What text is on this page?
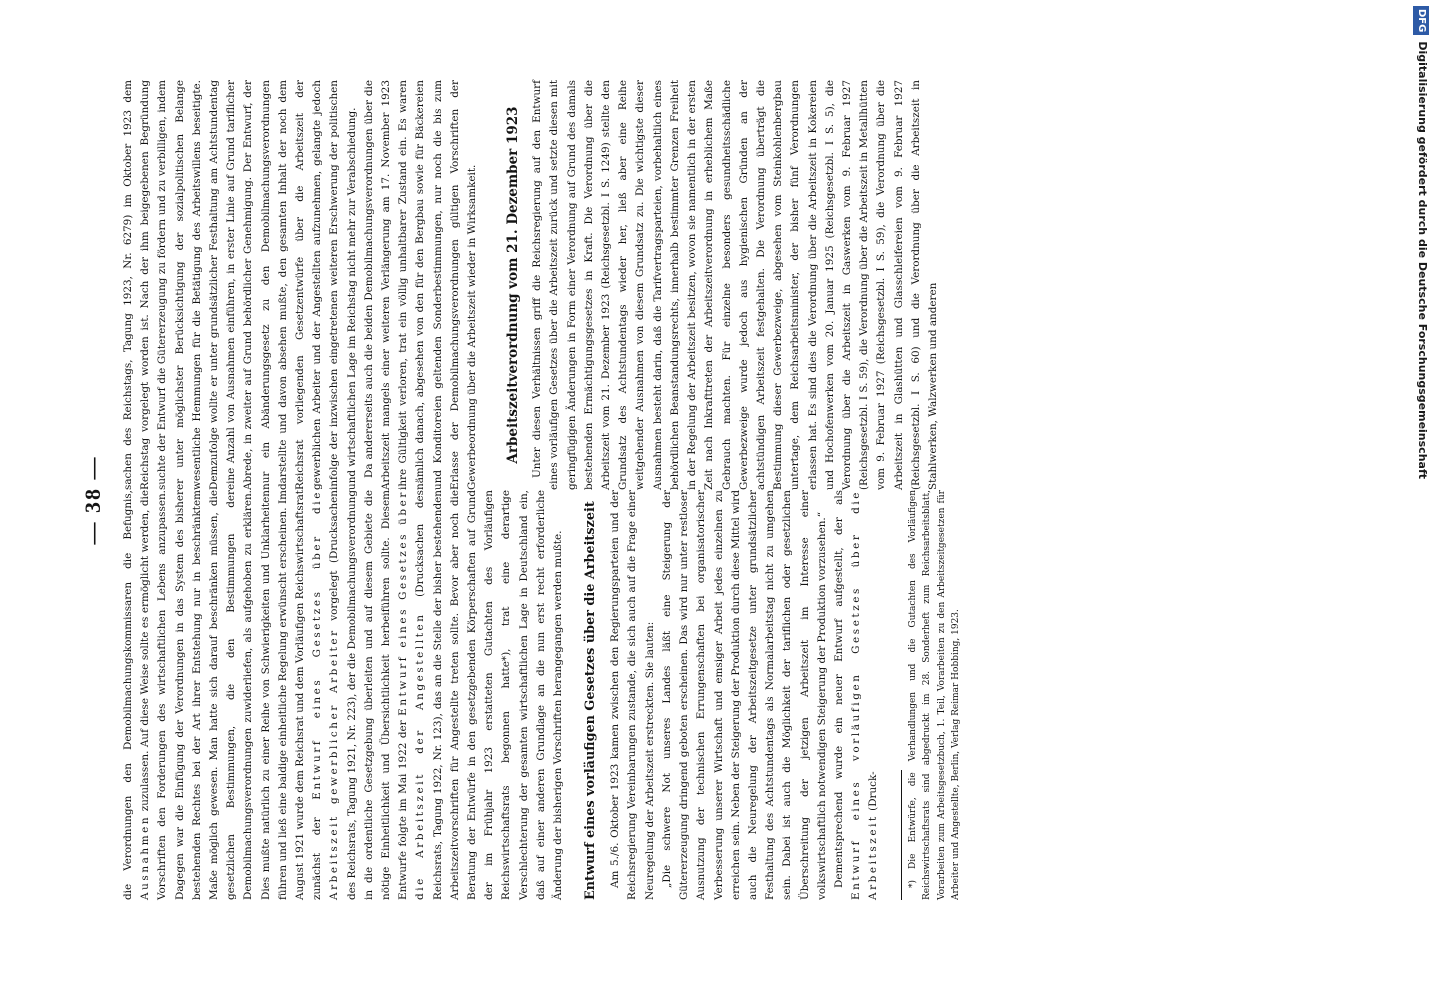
— 38 — die Verordnungen den Demobilmachungskommissaren die Befugnis, Ausnahmen zuzulassen. Auf diese Weise sollte es ermöglicht werden, die Vorschriften den Forderungen des wirtschaftlichen Lebens anzupassen. Dagegen war die Einfügung der Verordnungen in das System des bisher bestehenden Rechtes bei der Art ihrer Entstehung nur in beschränktem Maße möglich gewesen. Man hatte sich darauf beschränken müssen, die gesetzlichen Bestimmungen, die den Bestimmungen der Demobilmachungsverordnungen zuwiderliefen, als aufgehoben zu erklären. Dies mußte natürlich zu einer Reihe von Schwierigkeiten und Unklarheiten führen und ließ eine baldige einheitliche Regelung erwünscht erscheinen. Im August 1921 wurde dem Reichsrat und dem Vorläufigen Reichswirtschaftsrat zunächst der Entwurf eines Gesetzes über die Arbeitszeit gewerblicher Arbeiter vorgelegt (Drucksachen des Reichsrats, Tagung 1921, Nr. 223), der die Demobilmachungsverordnung in die ordentliche Gesetzgebung überleiten und auf diesem Gebiete die nötige Einheitlichkeit und Übersichtlichkeit herbeiführen sollte. Diesem Entwurfe folgte im Mai 1922 der Entwurf eines Gesetzes über die Arbeitszeit der Angestellten (Drucksachen des Reichsrats, Tagung 1922, Nr. 123), das an die Stelle der bisher bestehenden Arbeitszeitvorschriften für Angestellte treten sollte. Bevor aber noch die Beratung der Entwürfe in den gesetzgebenden Körperschaften auf Grund der im Frühjahr 1923 erstatteten Gutachten des Vorläufigen Reichswirtschaftsrats begonnen hatte*), trat eine derartige Verschlechterung der gesamten wirtschaftlichen Lage in Deutschland ein, daß auf einer anderen Grundlage an die nun erst recht erforderliche Änderung der bisherigen Vorschriften herangegangen werden mußte. Entwurf eines vorläufigen Gesetzes über die Arbeitszeit Am 5./6. Oktober 1923 kamen zwischen den Regierungsparteien und der Reichsregierung Vereinbarungen zustande, die sich auch auf die Frage einer Neuregelung der Arbeitszeit erstreckten. Sie lauten: „Die schwere Not unseres Landes läßt eine Steigerung der Gütererzeugung dringend geboten erscheinen. Das wird nur unter restloser Ausnutzung der technischen Errungenschaften bei organisatorischer Verbesserung unserer Wirtschaft und emsiger Arbeit jedes einzelnen zu erreichen sein. Neben der Steigerung der Produktion durch diese Mittel wird auch die Neuregelung der Arbeitszeitgesetze unter grundsätzlicher Festhaltung des Achtstundentags als Normalarbeitstag nicht zu umgehen sein. Dabei ist auch die Möglichkeit der tariflichen oder gesetzlichen Überschreitung der jetzigen Arbeitszeit im Interesse einer volkswirtschaftlich notwendigen Steigerung der Produktion vorzusehen.“ Dementsprechend wurde ein neuer Entwurf aufgestellt, der als Entwurf eines vorläufigen Gesetzes über die Arbeitszeit (Druck-	*) Die Entwürfe, die Verhandlungen und die Gutachten des Vorläufigen Reichswirtschaftsrats sind abgedruckt im 28. Sonderheft zum Reichsarbeitsblatt, Vorarbeiten zum Arbeitsgesetzbuch, 1. Teil, Vorarbeiten zu den Arbeitszeitgesetzen für Arbeiter und Angestellte, Berlin, Verlag Reimar Hobbing, 1923.

sachen des Reichstags, Tagung 1923, Nr. 6279) im Oktober 1923 dem Reichstag vorgelegt worden ist. Nach der ihm beigegebenen Begründung suchte der Entwurf die Gütererzeugung zu fördern und zu verbilligen, indem er unter möglichster Berücksichtigung der sozialpolitischen Belange wesentliche Hemmungen für die Betätigung des Arbeitswillens beseitigte. Demzufolge wollte er unter grundsätzlicher Festhaltung am Achtstundentag eine Anzahl von Ausnahmen einführen, in erster Linie auf Grund tariflicher Abrede, in zweiter auf Grund behördlicher Genehmigung. Der Entwurf, der nur ein Abänderungsgesetz zu den Demobilmachungsverordnungen darstellte und davon absehen mußte, den gesamten Inhalt der noch dem Reichsrat vorliegenden Gesetzentwürfe über die Arbeitszeit der gewerblichen Arbeiter und der Angestellten aufzunehmen, gelangte jedoch infolge der inzwischen eingetretenen weiteren Erschwerung der politischen und wirtschaftlichen Lage im Reichstag nicht mehr zur Verabschiedung. Da andererseits auch die beiden Demobilmachungsverordnungen über die Arbeitszeit mangels einer weiteren Verlängerung am 17. November 1923 ihre Gültigkeit verloren, trat ein völlig unhaltbarer Zustand ein. Es waren nämlich danach, abgesehen von den für den Bergbau sowie für Bäckereien und Konditoreien geltenden Sonderbestimmungen, nur noch die bis zum Erlasse der Demobilmachungsverordnungen gültigen Vorschriften der Gewerbeordnung über die Arbeitszeit wieder in Wirksamkeit. Arbeitszeitverordnung vom 21. Dezember 1923 Unter diesen Verhältnissen griff die Reichsregierung auf den Entwurf eines vorläufigen Gesetzes über die Arbeitszeit zurück und setzte diesen mit geringfügigen Änderungen in Form einer Verordnung auf Grund des damals bestehenden Ermächtigungsgesetzes in Kraft. Die Verordnung über die Arbeitszeit vom 21. Dezember 1923 (Reichsgesetzbl. I S. 1249) stellte den Grundsatz des Achtstundentags wieder her, ließ aber eine Reihe weitgehender Ausnahmen von diesem Grundsatz zu. Die wichtigste dieser Ausnahmen besteht darin, daß die Tarifvertragsparteien, vorbehaltlich eines behördlichen Beanstandungsrechts, innerhalb bestimmter Grenzen Freiheit in der Regelung der Arbeitszeit besitzen, wovon sie namentlich in der ersten Zeit nach Inkrafttreten der Arbeitszeitverordnung in erheblichem Maße Gebrauch machten. Für einzelne besonders gesundheitsschädliche Gewerbezweige wurde jedoch aus hygienischen Gründen an der achtstündigen Arbeitszeit festgehalten. Die Verordnung überträgt die Bestimmung dieser Gewerbezweige, abgesehen vom Steinkohlenbergbau untertage, dem Reichsarbeitsminister, der bisher fünf Verordnungen erlassen hat. Es sind dies die Verordnung über die Arbeitszeit in Kokereien und Hochofenwerken vom 20. Januar 1925 (Reichsgesetzbl. I S. 5), die Verordnung über die Arbeitszeit in Gaswerken vom 9. Februar 1927 (Reichsgesetzbl. I S. 59), die Verordnung über die Arbeitszeit in Metallhütten vom 9. Februar 1927 (Reichsgesetzbl. I S. 59), die Verordnung über die Arbeitszeit in Glashütten und Glasschleifereien vom 9. Februar 1927 (Reichsgesetzbl. I S. 60) und die Verordnung über die Arbeitszeit in Stahlwerken, Walzwerken und anderen

DFGDigitalisierung gefördert durch die Deutsche Forschungsgemeinschaft
